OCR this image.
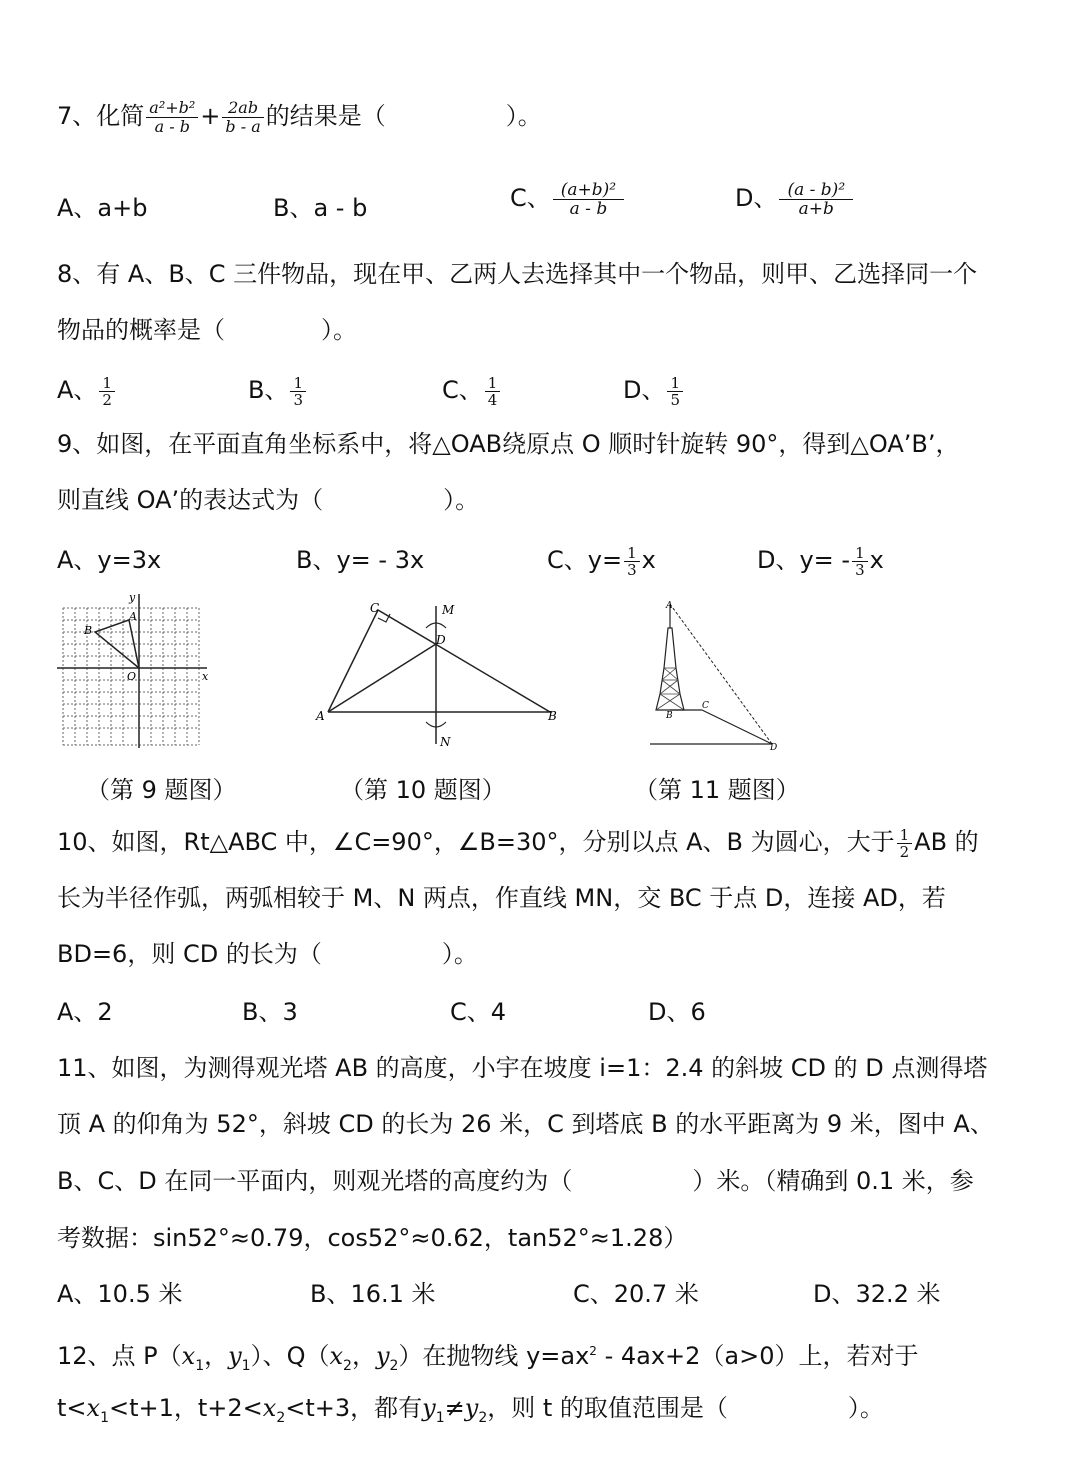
7、化简 $\frac{\text{a²+b²}}{a - b} + \frac{2ab}{b - a}$ 的结果是（　　　　　）。
A、a+b	B、a - b	C、 $\frac{\text{(a+b)²}}{a - b}$	D、 $\frac{\text{(a - b)²}}{a+b}$
8、有 A、B、C 三件物品，现在甲、乙两人去选择其中一个物品，则甲、乙选择同一个
物品的概率是（　　　　）。
A、 $\frac{1}{2}$	B、 $\frac{1}{3}$	C、 $\frac{1}{4}$	D、 $\frac{1}{5}$
9、如图，在平面直角坐标系中，将△OAB绕原点 O 顺时针旋转 90°，得到△OA’B’，
则直线 OA’的表达式为（　　　　　）。
A、y=3x	B、y= - 3x	C、$y= \frac{1}{3}$ x	D、$y= - \frac{1}{3}$ x
y
x
O
A
B
C	M
D
A	B
N
A
B
C
D
（第 9 题图）	（第 10 题图）	（第 11 题图）
10、如图，Rt△ABC 中，∠C=90°，∠B=30°，分别以点 A、B 为圆心，大于 $\frac{1}{2}$ AB 的
长为半径作弧，两弧相较于 M、N 两点，作直线 MN，交 BC 于点 D，连接 AD，若
BD=6，则 CD 的长为（　　　　　）。
A、2	B、3	C、4	D、6
11、如图，为测得观光塔 AB 的高度，小宇在坡度 i=1：2.4 的斜坡 CD 的 D 点测得塔
顶 A 的仰角为 52°，斜坡 CD 的长为 26 米，C 到塔底 B 的水平距离为 9 米，图中 A、
B、C、D 在同一平面内，则观光塔的高度约为（　　　　　）米。（精确到 0.1 米，参
考数据：sin52°≈0.79，cos52°≈0.62，tan52°≈1.28）
A、10.5 米	B、16.1 米	C、20.7 米	D、32.2 米
12、点 $P(x_1$，$y_1$）、$Q(x_2$，$y_2$）在抛物线 $y=ax^2 - 4ax+2(a>0)$上，若对于
$t<x_1<t+1$，$t+2<x_2<t+3$，都有$y_1\ne y_2$，则 t 的取值范围是（　　　　　）。
